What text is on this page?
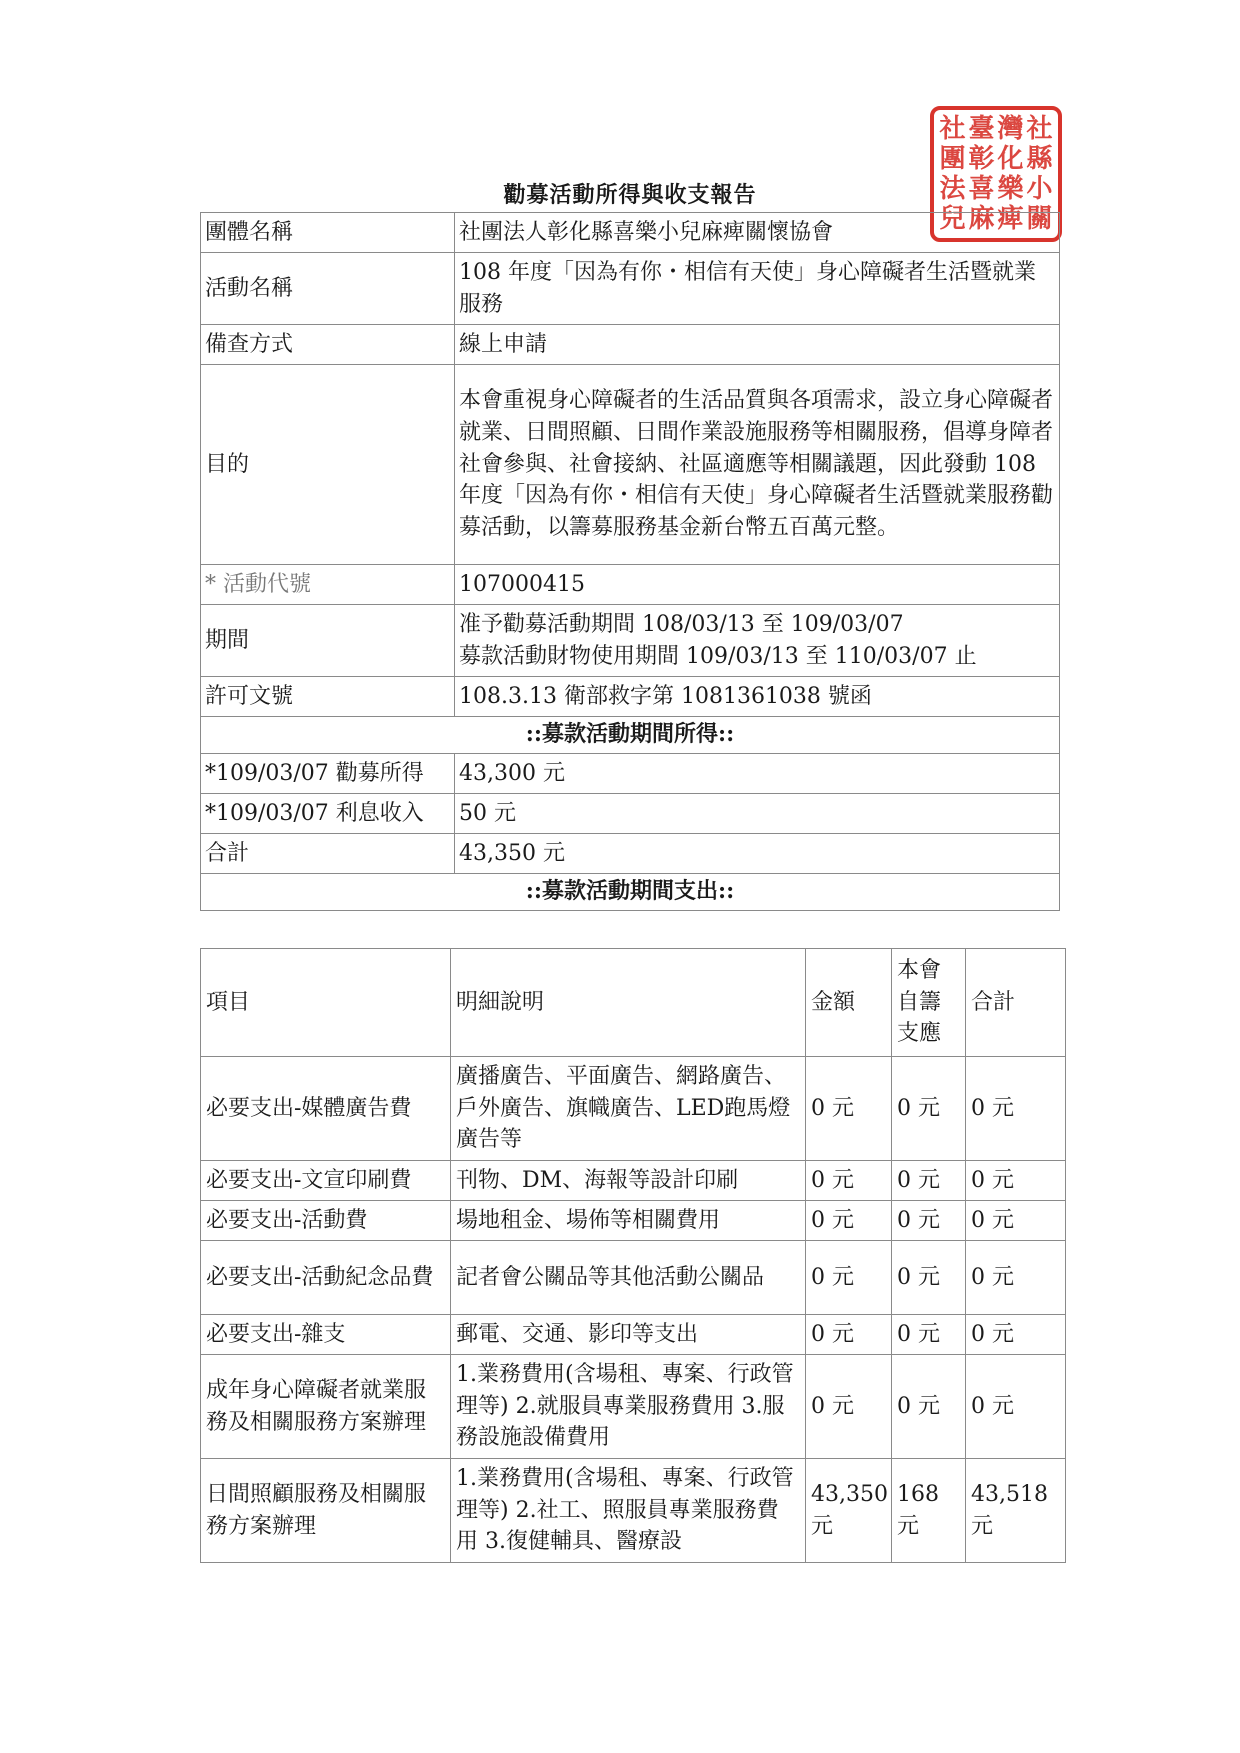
社 臺 灣 社
團 彰 化 縣
法 喜 樂 小
兒 麻 痺 關
勸募活動所得與收支報告
團體名稱	社團法人彰化縣喜樂小兒麻痺關懷協會
活動名稱	108 年度「因為有你・相信有天使」身心障礙者生活暨就業服務
備查方式	線上申請
目的	本會重視身心障礙者的生活品質與各項需求，設立身心障礙者就業、日間照顧、日間作業設施服務等相關服務，倡導身障者社會參與、社會接納、社區適應等相關議題，因此發動 108 年度「因為有你・相信有天使」身心障礙者生活暨就業服務勸募活動，以籌募服務基金新台幣五百萬元整。
* 活動代號	107000415
期間	准予勸募活動期間 108/03/13 至 109/03/07
募款活動財物使用期間 109/03/13 至 110/03/07 止

許可文號	108.3.13 衛部救字第 1081361038 號函
::募款活動期間所得::	
*109/03/07 勸募所得	43,300 元
*109/03/07 利息收入	50 元
合計	43,350 元
::募款活動期間支出::	
項目	明細說明	金額	本會自籌支應	合計
必要支出-媒體廣告費	廣播廣告、平面廣告、網路廣告、戶外廣告、旗幟廣告、LED跑馬燈廣告等	0 元	0 元	0 元
必要支出-文宣印刷費	刊物、DM、海報等設計印刷	0 元	0 元	0 元
必要支出-活動費	場地租金、場佈等相關費用	0 元	0 元	0 元
必要支出-活動紀念品費	記者會公關品等其他活動公關品	0 元	0 元	0 元
必要支出-雜支	郵電、交通、影印等支出	0 元	0 元	0 元
成年身心障礙者就業服務及相關服務方案辦理	1.業務費用(含場租、專案、行政管理等) 2.就服員專業服務費用 3.服務設施設備費用	0 元	0 元	0 元
日間照顧服務及相關服務方案辦理	1.業務費用(含場租、專案、行政管理等) 2.社工、照服員專業服務費用 3.復健輔具、醫療設	43,350 元	168 元	43,518 元
